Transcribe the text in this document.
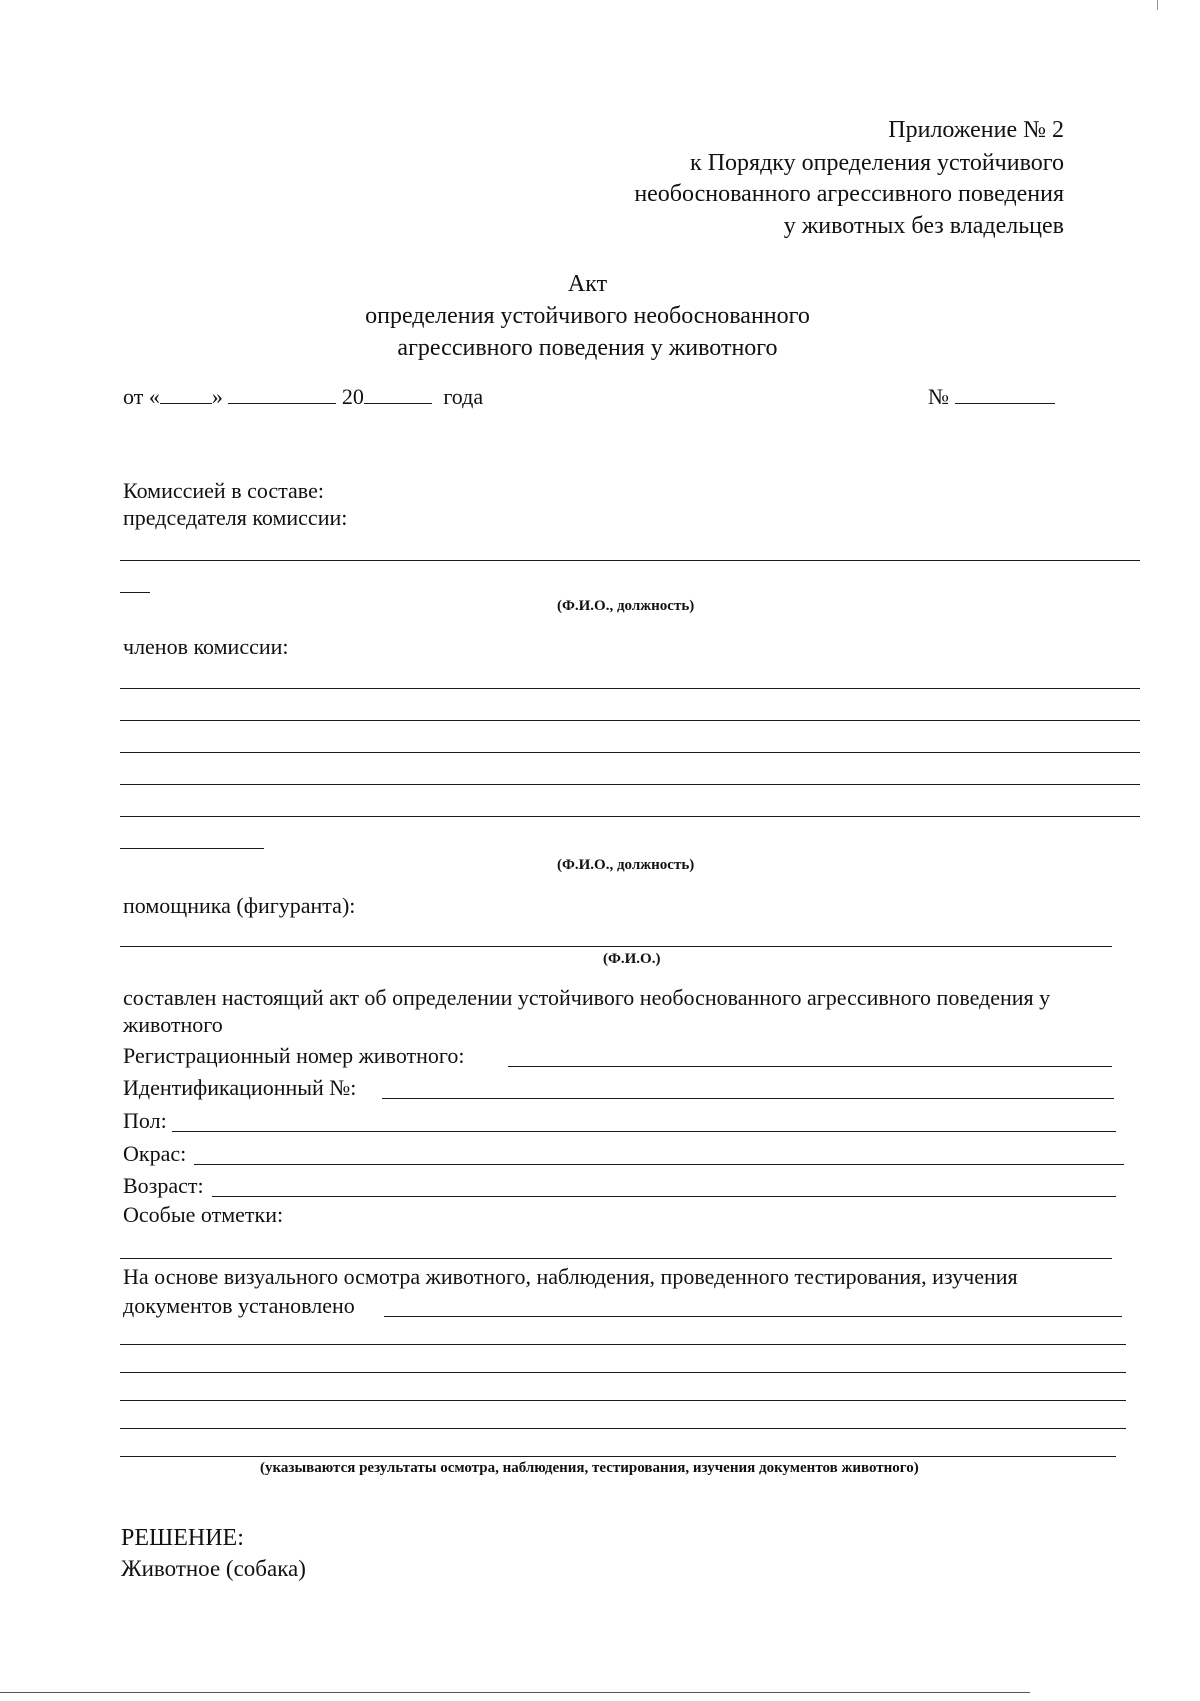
Приложение № 2
к Порядку определения устойчивого
необоснованного агрессивного поведения
у животных без владельцев
Акт
определения устойчивого необоснованного
агрессивного поведения у животного
от « »	20	года	№
Комиссией в составе:
председателя комиссии:
(Ф.И.О., должность)
членов комиссии:
(Ф.И.О., должность)
помощника (фигуранта):
(Ф.И.О.)
составлен настоящий акт об определении устойчивого необоснованного агрессивного поведения у
животного
Регистрационный номер животного:
Идентификационный №:
Пол:
Окрас:
Возраст:
Особые отметки:
На основе визуального осмотра животного, наблюдения, проведенного тестирования, изучения
документов установлено
(указываются результаты осмотра, наблюдения, тестирования, изучения документов животного)
РЕШЕНИЕ:
Животное (собака)
